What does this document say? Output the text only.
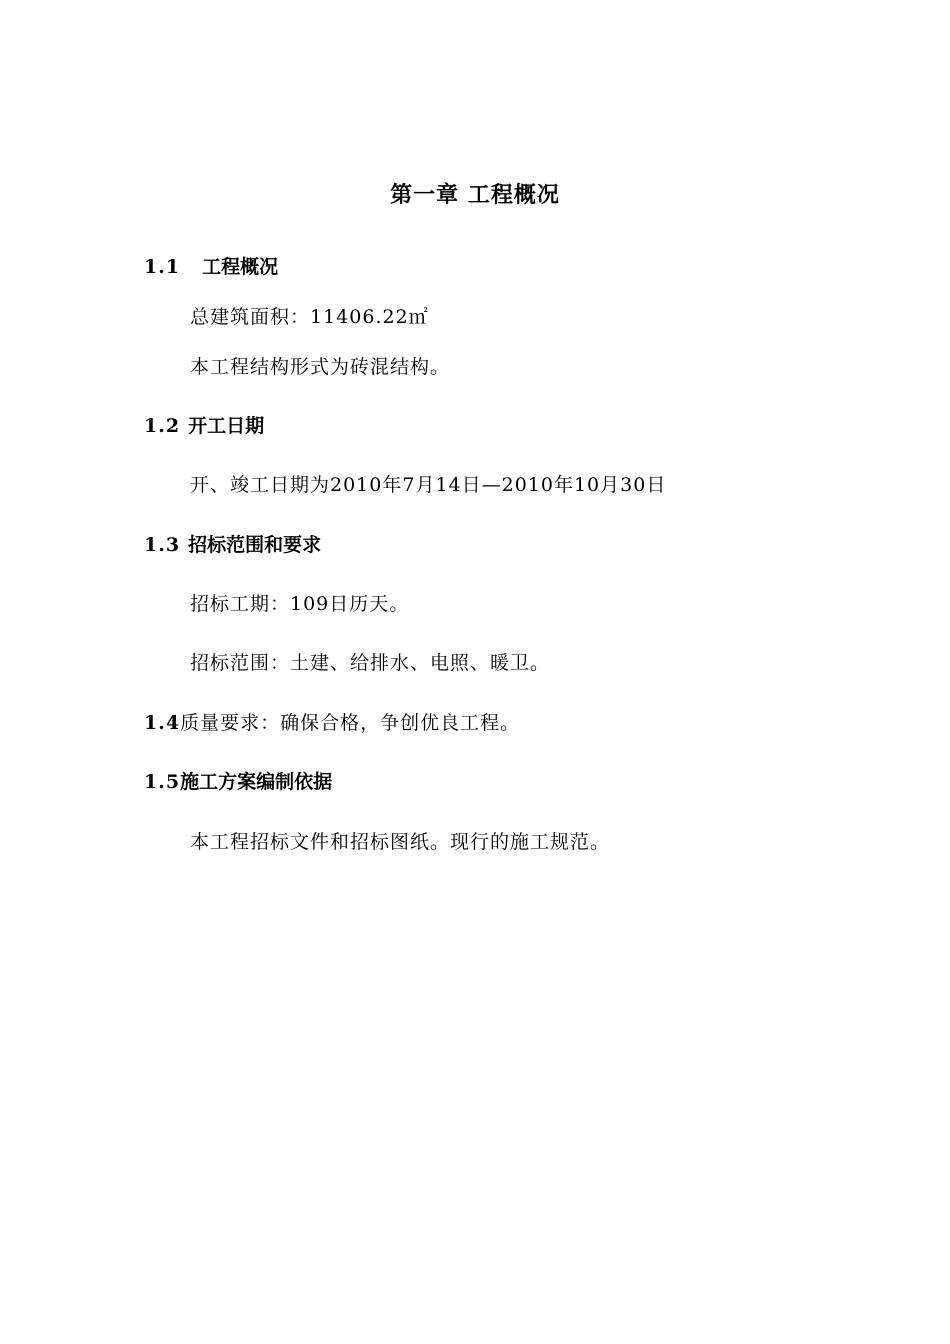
第一章 工程概况
1.1 工程概况
总建筑面积：11406.22㎡
本工程结构形式为砖混结构。
1.2 开工日期
开、竣工日期为2010年7月14日—2010年10月30日
1.3 招标范围和要求
招标工期：109日历天。
招标范围：土建、给排水、电照、暖卫。
1.4质量要求：确保合格，争创优良工程。
1.5施工方案编制依据
本工程招标文件和招标图纸。现行的施工规范。
